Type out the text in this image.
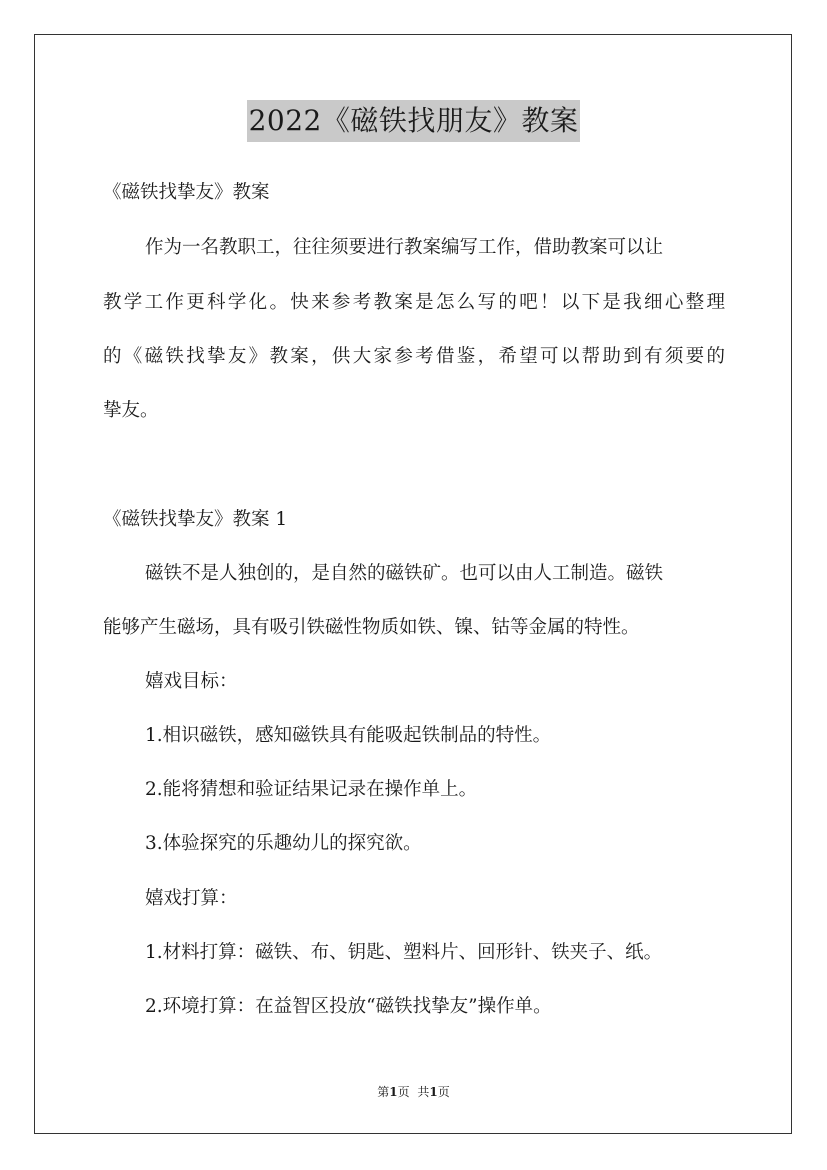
2022《磁铁找朋友》教案
《磁铁找挚友》教案
作为一名教职工，往往须要进行教案编写工作，借助教案可以让
教学工作更科学化。快来参考教案是怎么写的吧！以下是我细心整理
的《磁铁找挚友》教案，供大家参考借鉴，希望可以帮助到有须要的
挚友。
《磁铁找挚友》教案 1
磁铁不是人独创的，是自然的磁铁矿。也可以由人工制造。磁铁
能够产生磁场，具有吸引铁磁性物质如铁、镍、钴等金属的特性。
嬉戏目标：
1.相识磁铁，感知磁铁具有能吸起铁制品的特性。
2.能将猜想和验证结果记录在操作单上。
3.体验探究的乐趣幼儿的探究欲。
嬉戏打算：
1.材料打算：磁铁、布、钥匙、塑料片、回形针、铁夹子、纸。
2.环境打算：在益智区投放“磁铁找挚友”操作单。
第1页 共1页
